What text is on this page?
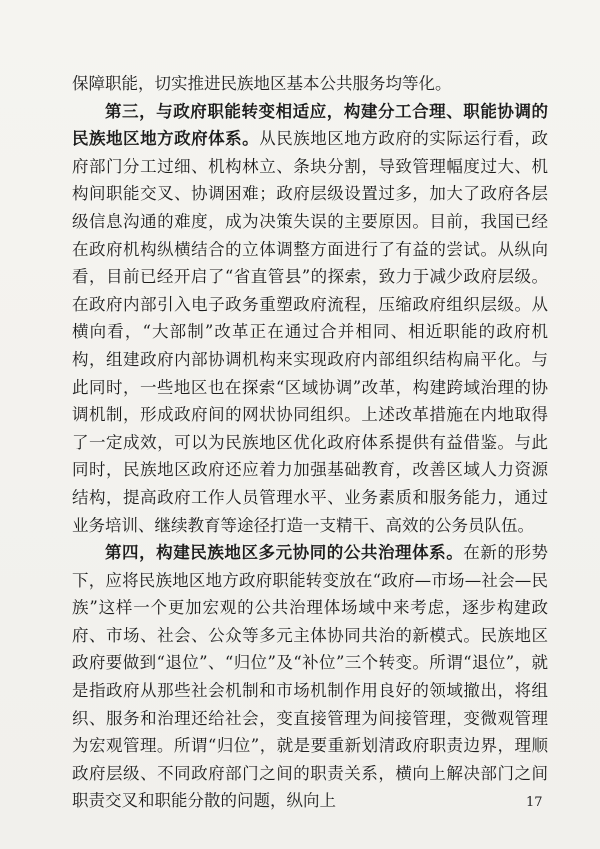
保障职能，切实推进民族地区基本公共服务均等化。

第三，与政府职能转变相适应，构建分工合理、职能协调的民族地区地方政府体系。从民族地区地方政府的实际运行看，政府部门分工过细、机构林立、条块分割，导致管理幅度过大、机构间职能交叉、协调困难；政府层级设置过多，加大了政府各层级信息沟通的难度，成为决策失误的主要原因。目前，我国已经在政府机构纵横结合的立体调整方面进行了有益的尝试。从纵向看，目前已经开启了“省直管县”的探索，致力于减少政府层级。在政府内部引入电子政务重塑政府流程，压缩政府组织层级。从横向看，“大部制”改革正在通过合并相同、相近职能的政府机构，组建政府内部协调机构来实现政府内部组织结构扁平化。与此同时，一些地区也在探索“区域协调”改革，构建跨域治理的协调机制，形成政府间的网状协同组织。上述改革措施在内地取得了一定成效，可以为民族地区优化政府体系提供有益借鉴。与此同时，民族地区政府还应着力加强基础教育，改善区域人力资源结构，提高政府工作人员管理水平、业务素质和服务能力，通过业务培训、继续教育等途径打造一支精干、高效的公务员队伍。

第四，构建民族地区多元协同的公共治理体系。在新的形势下，应将民族地区地方政府职能转变放在“政府—市场—社会—民族”这样一个更加宏观的公共治理体场域中来考虑，逐步构建政府、市场、社会、公众等多元主体协同共治的新模式。民族地区政府要做到“退位”、“归位”及“补位”三个转变。所谓“退位”，就是指政府从那些社会机制和市场机制作用良好的领域撤出，将组织、服务和治理还给社会，变直接管理为间接管理，变微观管理为宏观管理。所谓“归位”，就是要重新划清政府职责边界，理顺政府层级、不同政府部门之间的职责关系，横向上解决部门之间职责交叉和职能分散的问题，纵向上	17
